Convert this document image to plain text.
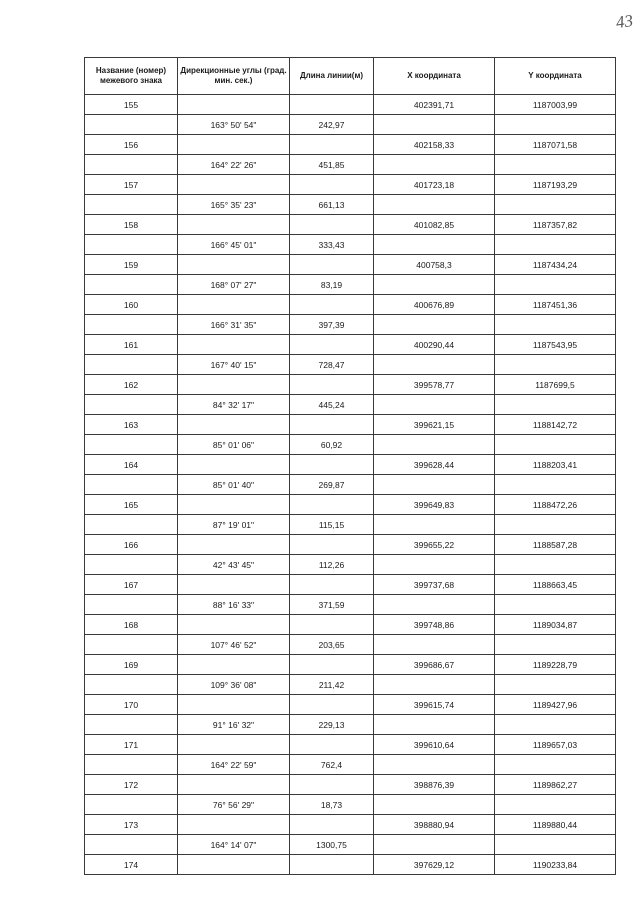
43
Название (номер) межевого знака	Дирекционные углы (град. мин. сек.)	Длина линии(м)	X координата	Y координата
155			402391,71	1187003,99
	163° 50' 54"	242,97		
156			402158,33	1187071,58
	164° 22' 26"	451,85		
157			401723,18	1187193,29
	165° 35' 23"	661,13		
158			401082,85	1187357,82
	166° 45' 01"	333,43		
159			400758,3	1187434,24
	168° 07' 27"	83,19		
160			400676,89	1187451,36
	166° 31' 35"	397,39		
161			400290,44	1187543,95
	167° 40' 15"	728,47		
162			399578,77	1187699,5
	84° 32' 17"	445,24		
163			399621,15	1188142,72
	85° 01' 06"	60,92		
164			399628,44	1188203,41
	85° 01' 40"	269,87		
165			399649,83	1188472,26
	87° 19' 01"	115,15		
166			399655,22	1188587,28
	42° 43' 45"	112,26		
167			399737,68	1188663,45
	88° 16' 33"	371,59		
168			399748,86	1189034,87
	107° 46' 52"	203,65		
169			399686,67	1189228,79
	109° 36' 08"	211,42		
170			399615,74	1189427,96
	91° 16' 32"	229,13		
171			399610,64	1189657,03
	164° 22' 59"	762,4		
172			398876,39	1189862,27
	76° 56' 29"	18,73		
173			398880,94	1189880,44
	164° 14' 07"	1300,75		
174			397629,12	1190233,84
